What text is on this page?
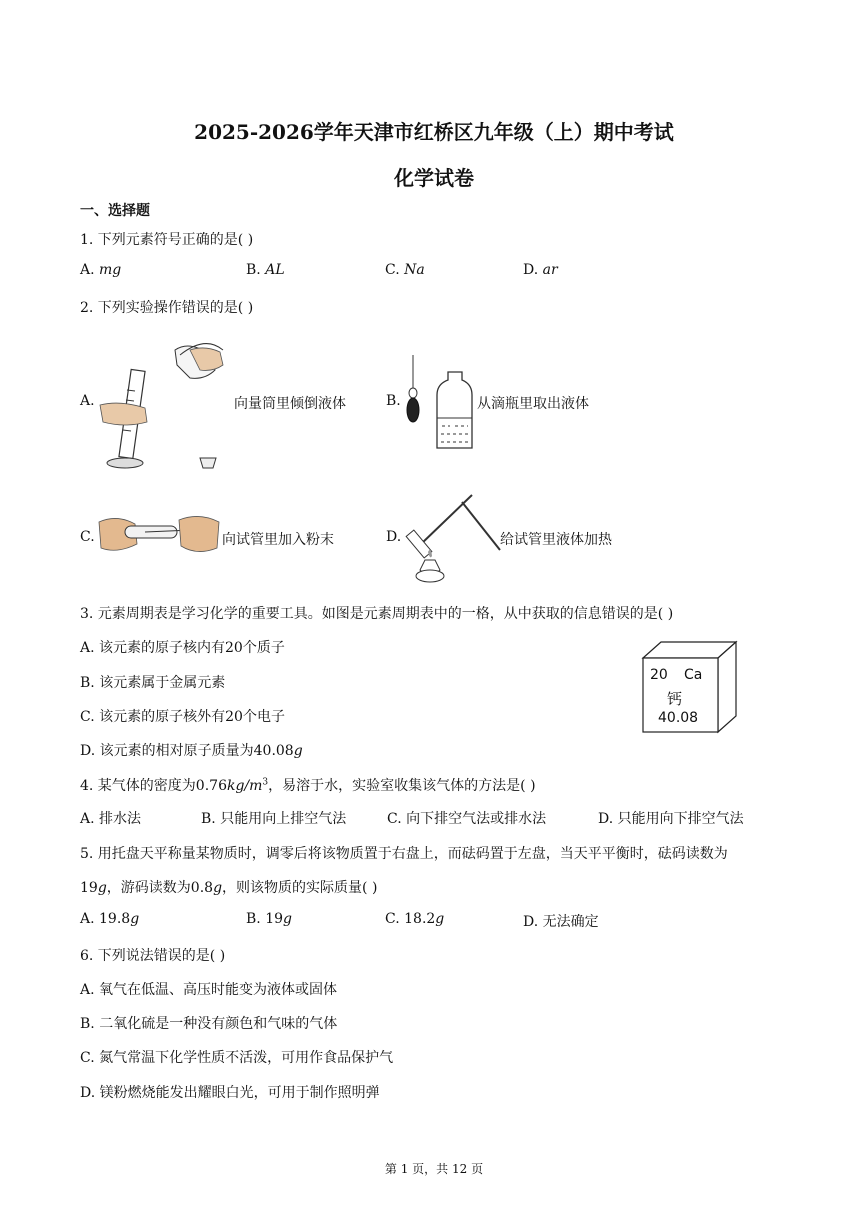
2025-2026学年天津市红桥区九年级（上）期中考试
化学试卷
一、选择题
1. 下列元素符号正确的是( )
A. mg	B. AL	C. Na	D. ar
2. 下列实验操作错误的是( )
A.	向量筒里倾倒液体	B.	从滴瓶里取出液体
C.	向试管里加入粉末	D.	给试管里液体加热
3. 元素周期表是学习化学的重要工具。如图是元素周期表中的一格，从中获取的信息错误的是( )
A. 该元素的原子核内有20个质子
B. 该元素属于金属元素
C. 该元素的原子核外有20个电子
D. 该元素的相对原子质量为40.08g
20 Ca
钙
40.08
4. 某气体的密度为$0.76kg/m^3$，易溶于水，实验室收集该气体的方法是( )
A. 排水法	B. 只能用向上排空气法	C. 向下排空气法或排水法	D. 只能用向下排空气法
5. 用托盘天平称量某物质时，调零后将该物质置于右盘上，而砝码置于左盘，当天平平衡时，砝码读数为
19g，游码读数为0.8g，则该物质的实际质量( )
A. 19.8g	B. 19g	C. 18.2g	D. 无法确定
6. 下列说法错误的是( )
A. 氧气在低温、高压时能变为液体或固体
B. 二氧化硫是一种没有颜色和气味的气体
C. 氮气常温下化学性质不活泼，可用作食品保护气
D. 镁粉燃烧能发出耀眼白光，可用于制作照明弹
第 1 页，共 12 页
